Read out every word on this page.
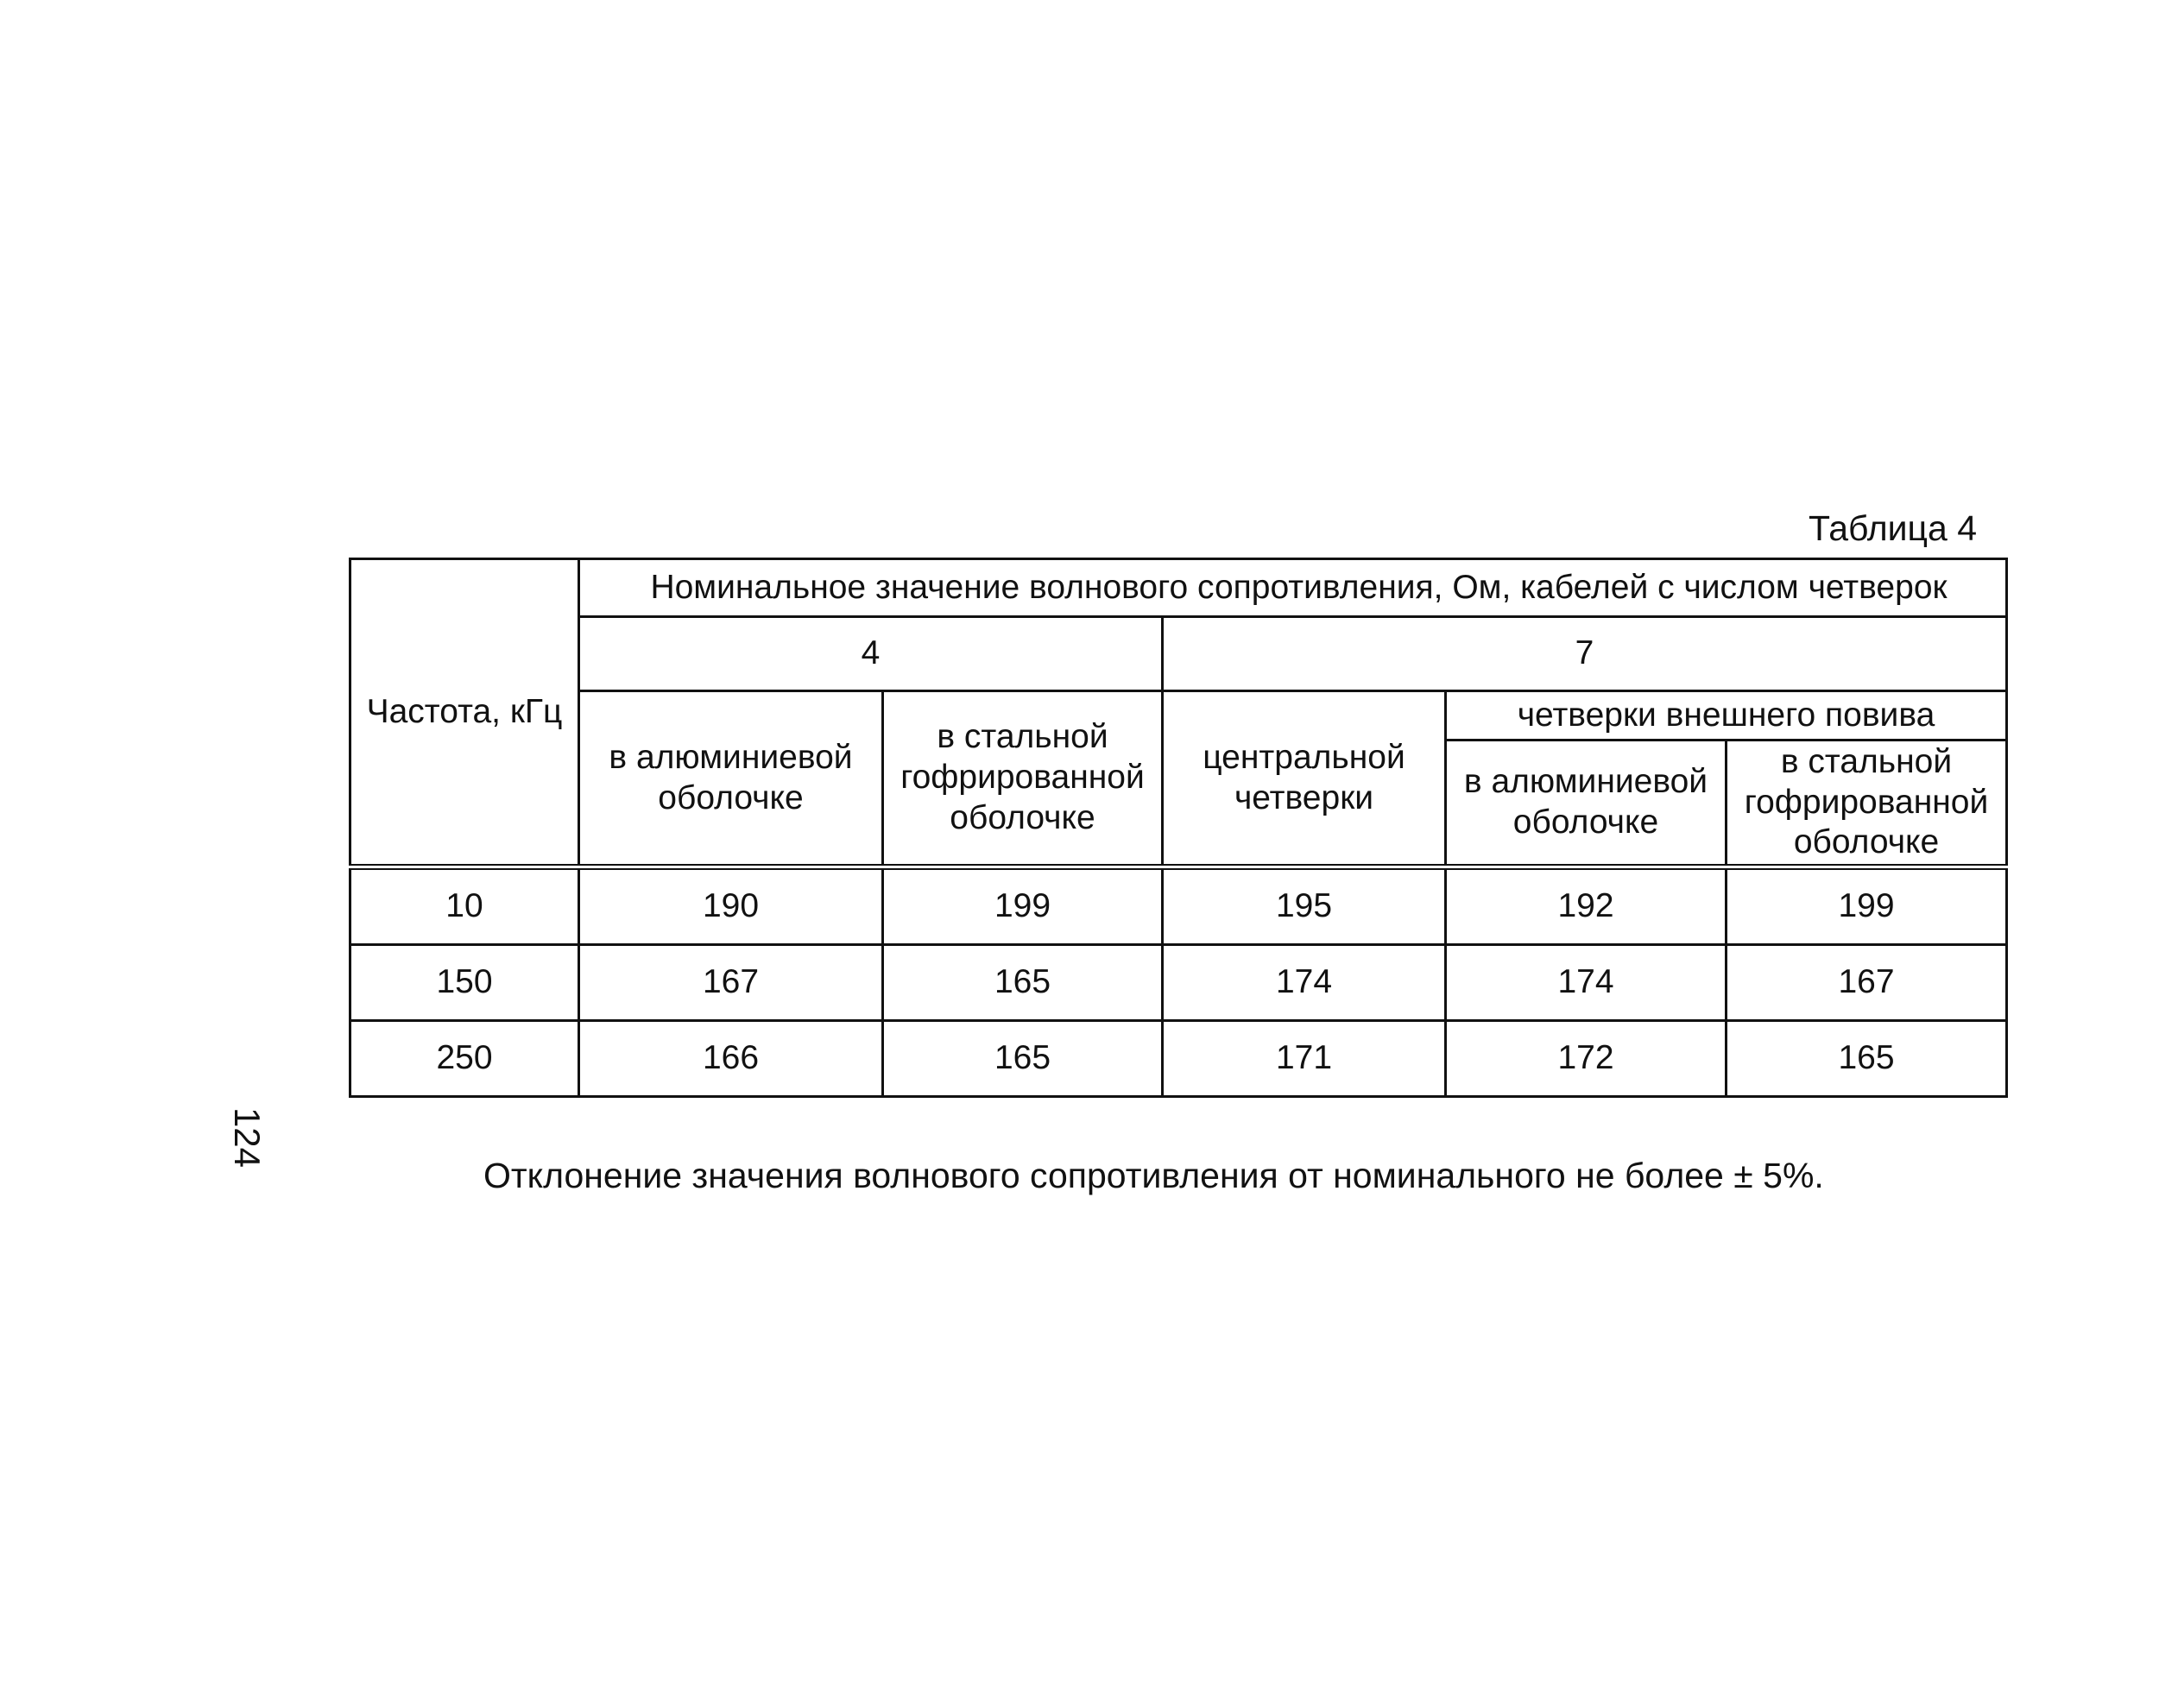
Таблица 4
Частота, кГц	Номинальное значение волнового сопротивления, Ом, кабелей с числом четверок				
	4		7		

	в алюминиевой оболочке	в стальной гофрированной оболочке	центральной четверки	четверки внешнего повива	

				в алюминиевой оболочке	в стальной гофрированной оболочке

10	190	199	195	192	199
150	167	165	174	174	167
250	166	165	171	172	165
124
Отклонение значения волнового сопротивления от номинального не более ± 5%.
